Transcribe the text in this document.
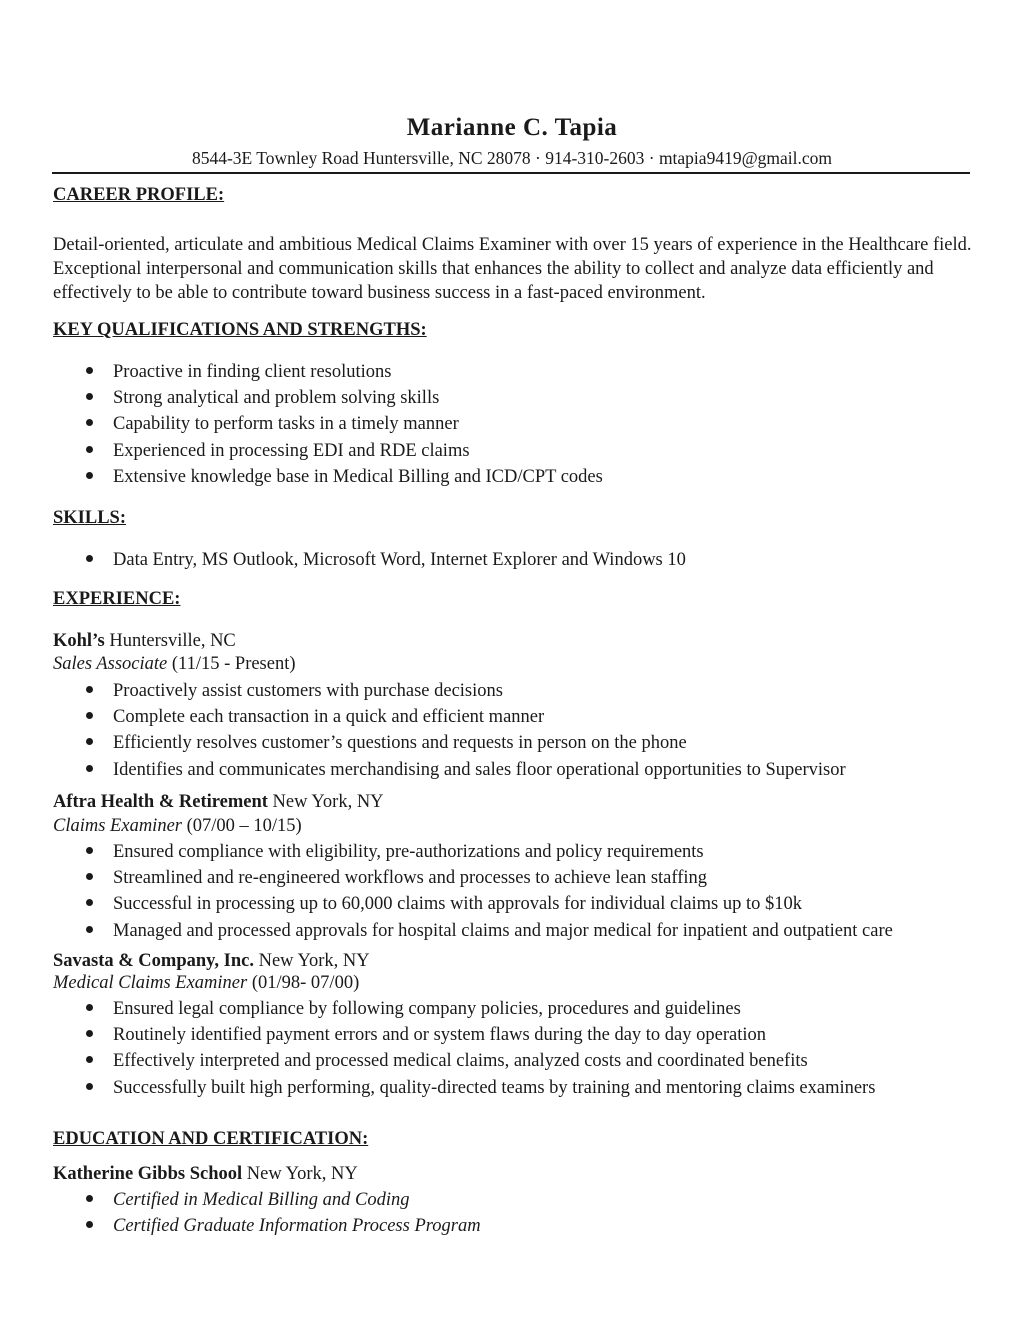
Marianne C. Tapia
8544-3E Townley Road Huntersville, NC 28078 · 914-310-2603 · mtapia9419@gmail.com
CAREER PROFILE:
Detail-oriented, articulate and ambitious Medical Claims Examiner with over 15 years of experience in the Healthcare field. Exceptional interpersonal and communication skills that enhances the ability to collect and analyze data efficiently and effectively to be able to contribute toward business success in a fast-paced environment.
KEY QUALIFICATIONS AND STRENGTHS:
Proactive in finding client resolutions
Strong analytical and problem solving skills
Capability to perform tasks in a timely manner
Experienced in processing EDI and RDE claims
Extensive knowledge base in Medical Billing and ICD/CPT codes
SKILLS:
Data Entry, MS Outlook, Microsoft Word, Internet Explorer and Windows 10
EXPERIENCE:
Kohl’s Huntersville, NC
Sales Associate (11/15 - Present)
Proactively assist customers with purchase decisions
Complete each transaction in a quick and efficient manner
Efficiently resolves customer’s questions and requests in person on the phone
Identifies and communicates merchandising and sales floor operational opportunities to Supervisor
Aftra Health & Retirement New York, NY
Claims Examiner (07/00 – 10/15)
Ensured compliance with eligibility, pre-authorizations and policy requirements
Streamlined and re-engineered workflows and processes to achieve lean staffing
Successful in processing up to 60,000 claims with approvals for individual claims up to $10k
Managed and processed approvals for hospital claims and major medical for inpatient and outpatient care
Savasta & Company, Inc. New York, NY
Medical Claims Examiner (01/98- 07/00)
Ensured legal compliance by following company policies, procedures and guidelines
Routinely identified payment errors and or system flaws during the day to day operation
Effectively interpreted and processed medical claims, analyzed costs and coordinated benefits
Successfully built high performing, quality-directed teams by training and mentoring claims examiners
EDUCATION AND CERTIFICATION:
Katherine Gibbs School New York, NY
Certified in Medical Billing and Coding
Certified Graduate Information Process Program
